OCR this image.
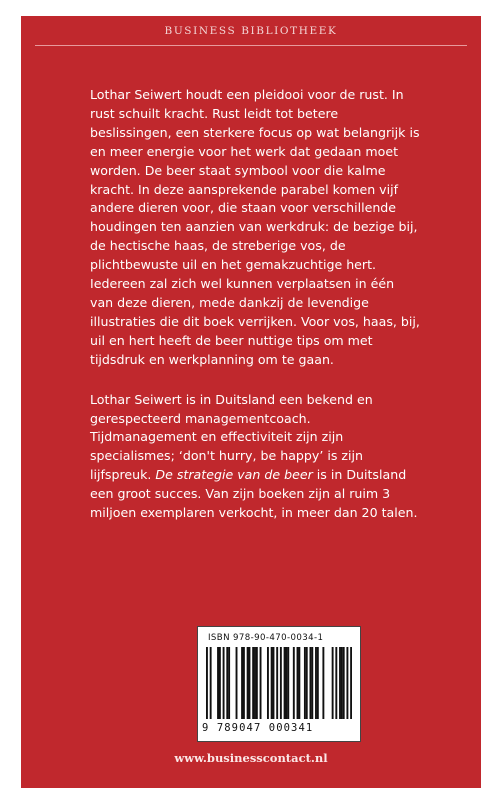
BUSINESS BIBLIOTHEEK

Lothar Seiwert houdt een pleidooi voor de rust. In rust schuilt kracht. Rust leidt tot betere beslissingen, een sterkere focus op wat belangrijk is en meer energie voor het werk dat gedaan moet worden. De beer staat symbool voor die kalme kracht. In deze aansprekende parabel komen vijf andere dieren voor, die staan voor verschillende houdingen ten aanzien van werkdruk: de bezige bij, de hectische haas, de streberige vos, de plichtbewuste uil en het gemakzuchtige hert. Iedereen zal zich wel kunnen verplaatsen in één van deze dieren, mede dankzij de levendige illustraties die dit boek verrijken. Voor vos, haas, bij, uil en hert heeft de beer nuttige tips om met tijdsdruk en werkplanning om te gaan.

Lothar Seiwert is in Duitsland een bekend en gerespecteerd managementcoach. Tijdmanagement en effectiviteit zijn zijn specialismes; ‘don't hurry, be happy’ is zijn lijfspreuk. De strategie van de beer is in Duitsland een groot succes. Van zijn boeken zijn al ruim 3 miljoen exemplaren verkocht, in meer dan 20 talen.

ISBN 978-90-470-0034-1
9 789047 000341
www.businesscontact.nl
